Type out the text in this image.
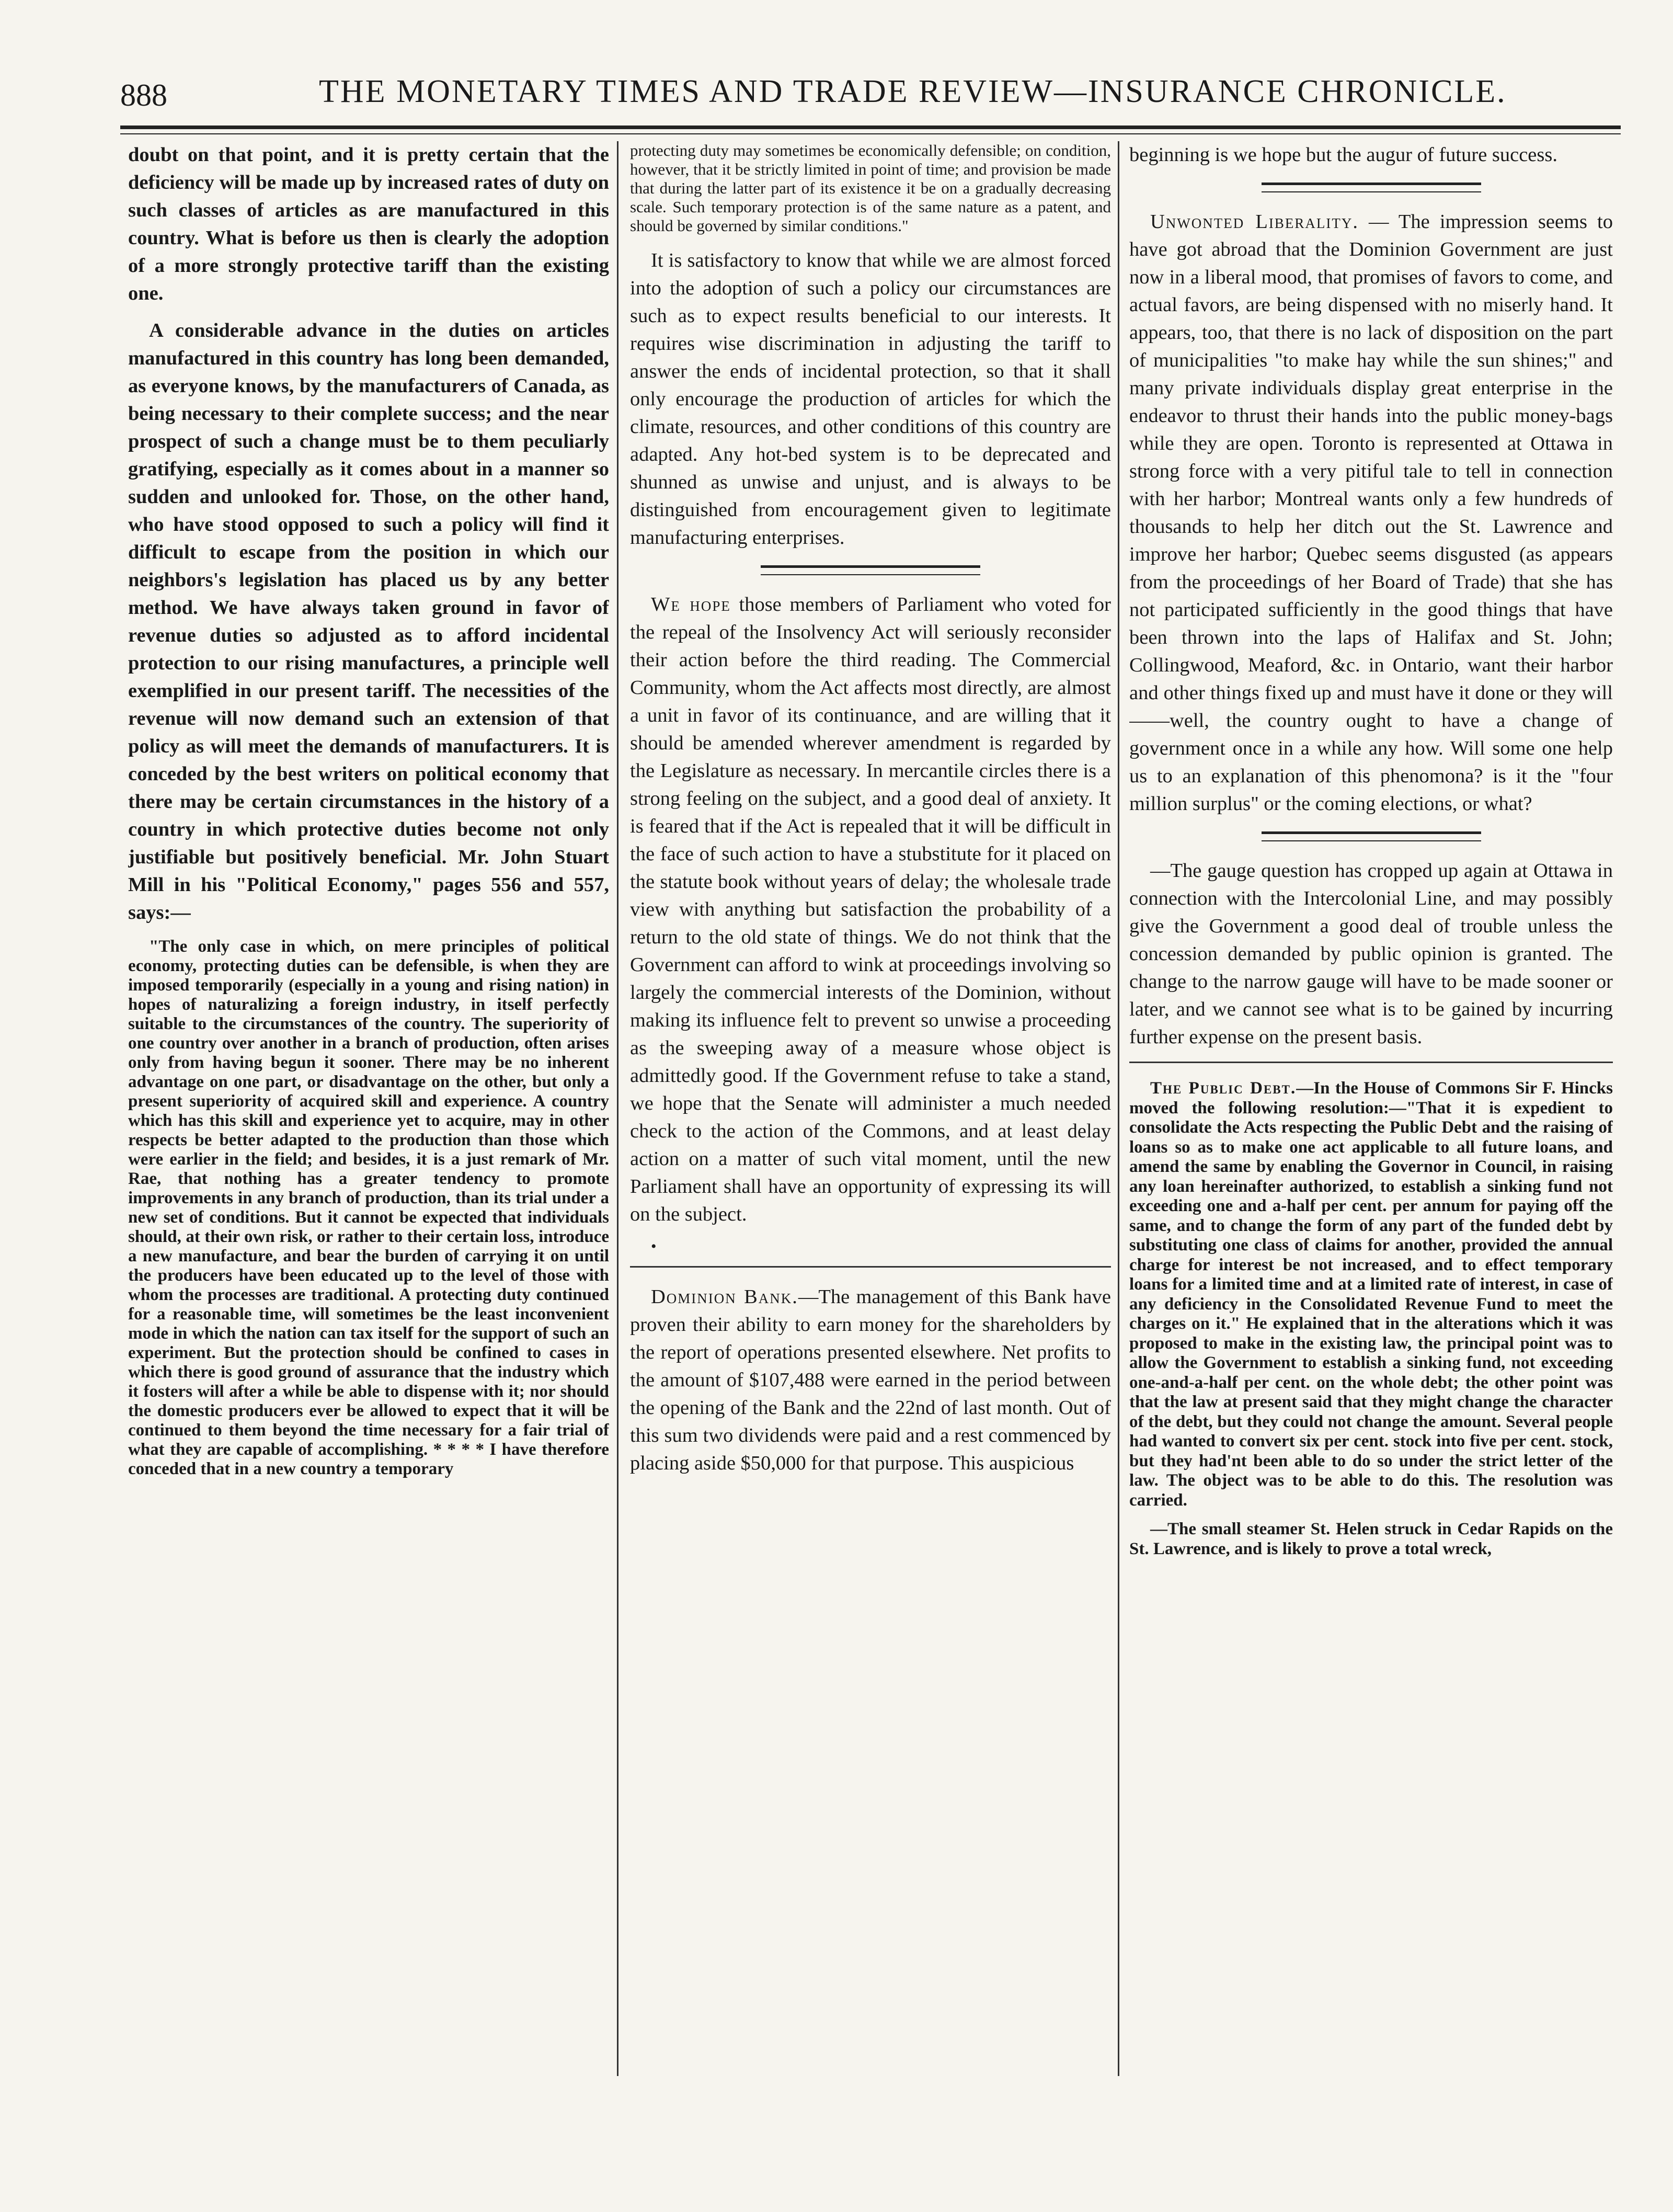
888	THE MONETARY TIMES AND TRADE REVIEW—INSURANCE CHRONICLE.

doubt on that point, and it is pretty certain that the deficiency will be made up by increased rates of duty on such classes of articles as are manufactured in this country. What is before us then is clearly the adoption of a more strongly protective tariff than the existing one.

A considerable advance in the duties on articles manufactured in this country has long been demanded, as everyone knows, by the manufacturers of Canada, as being necessary to their complete success; and the near prospect of such a change must be to them peculiarly gratifying, especially as it comes about in a manner so sudden and unlooked for. Those, on the other hand, who have stood opposed to such a policy will find it difficult to escape from the position in which our neighbors's legislation has placed us by any better method. We have always taken ground in favor of revenue duties so adjusted as to afford incidental protection to our rising manufactures, a principle well exemplified in our present tariff. The necessities of the revenue will now demand such an extension of that policy as will meet the demands of manufacturers. It is conceded by the best writers on political economy that there may be certain circumstances in the history of a country in which protective duties become not only justifiable but positively beneficial. Mr. John Stuart Mill in his "Political Economy," pages 556 and 557, says:—

"The only case in which, on mere principles of political economy, protecting duties can be defensible, is when they are imposed temporarily (especially in a young and rising nation) in hopes of naturalizing a foreign industry, in itself perfectly suitable to the circumstances of the country. The superiority of one country over another in a branch of production, often arises only from having begun it sooner. There may be no inherent advantage on one part, or disadvantage on the other, but only a present superiority of acquired skill and experience. A country which has this skill and experience yet to acquire, may in other respects be better adapted to the production than those which were earlier in the field; and besides, it is a just remark of Mr. Rae, that nothing has a greater tendency to promote improvements in any branch of production, than its trial under a new set of conditions. But it cannot be expected that individuals should, at their own risk, or rather to their certain loss, introduce a new manufacture, and bear the burden of carrying it on until the producers have been educated up to the level of those with whom the processes are traditional. A protecting duty continued for a reasonable time, will sometimes be the least inconvenient mode in which the nation can tax itself for the support of such an experiment. But the protection should be confined to cases in which there is good ground of assurance that the industry which it fosters will after a while be able to dispense with it; nor should the domestic producers ever be allowed to expect that it will be continued to them beyond the time necessary for a fair trial of what they are capable of accomplishing. * * * * I have therefore conceded that in a new country a temporary

protecting duty may sometimes be economically defensible; on condition, however, that it be strictly limited in point of time; and provision be made that during the latter part of its existence it be on a gradually decreasing scale. Such temporary protection is of the same nature as a patent, and should be governed by similar conditions."

It is satisfactory to know that while we are almost forced into the adoption of such a policy our circumstances are such as to expect results beneficial to our interests. It requires wise discrimination in adjusting the tariff to answer the ends of incidental protection, so that it shall only encourage the production of articles for which the climate, resources, and other conditions of this country are adapted. Any hot-bed system is to be deprecated and shunned as unwise and unjust, and is always to be distinguished from encouragement given to legitimate manufacturing enterprises.

We hope those members of Parliament who voted for the repeal of the Insolvency Act will seriously reconsider their action before the third reading. The Commercial Community, whom the Act affects most directly, are almost a unit in favor of its continuance, and are willing that it should be amended wherever amendment is regarded by the Legislature as necessary. In mercantile circles there is a strong feeling on the subject, and a good deal of anxiety. It is feared that if the Act is repealed that it will be difficult in the face of such action to have a stubstitute for it placed on the statute book without years of delay; the wholesale trade view with anything but satisfaction the probability of a return to the old state of things. We do not think that the Government can afford to wink at proceedings involving so largely the commercial interests of the Dominion, without making its influence felt to prevent so unwise a proceeding as the sweeping away of a measure whose object is admittedly good. If the Government refuse to take a stand, we hope that the Senate will administer a much needed check to the action of the Commons, and at least delay action on a matter of such vital moment, until the new Parliament shall have an opportunity of expressing its will on the subject.

•

Dominion Bank.—The management of this Bank have proven their ability to earn money for the shareholders by the report of operations presented elsewhere. Net profits to the amount of $107,488 were earned in the period between the opening of the Bank and the 22nd of last month. Out of this sum two dividends were paid and a rest commenced by placing aside $50,000 for that purpose. This auspicious

beginning is we hope but the augur of future success.

Unwonted Liberality. — The impression seems to have got abroad that the Dominion Government are just now in a liberal mood, that promises of favors to come, and actual favors, are being dispensed with no miserly hand. It appears, too, that there is no lack of disposition on the part of municipalities "to make hay while the sun shines;" and many private individuals display great enterprise in the endeavor to thrust their hands into the public money-bags while they are open. Toronto is represented at Ottawa in strong force with a very pitiful tale to tell in connection with her harbor; Montreal wants only a few hundreds of thousands to help her ditch out the St. Lawrence and improve her harbor; Quebec seems disgusted (as appears from the proceedings of her Board of Trade) that she has not participated sufficiently in the good things that have been thrown into the laps of Halifax and St. John; Collingwood, Meaford, &c. in Ontario, want their harbor and other things fixed up and must have it done or they will——well, the country ought to have a change of government once in a while any how. Will some one help us to an explanation of this phenomona? is it the "four million surplus" or the coming elections, or what?

—The gauge question has cropped up again at Ottawa in connection with the Intercolonial Line, and may possibly give the Government a good deal of trouble unless the concession demanded by public opinion is granted. The change to the narrow gauge will have to be made sooner or later, and we cannot see what is to be gained by incurring further expense on the present basis.

The Public Debt.—In the House of Commons Sir F. Hincks moved the following resolution:—"That it is expedient to consolidate the Acts respecting the Public Debt and the raising of loans so as to make one act applicable to all future loans, and amend the same by enabling the Governor in Council, in raising any loan hereinafter authorized, to establish a sinking fund not exceeding one and a-half per cent. per annum for paying off the same, and to change the form of any part of the funded debt by substituting one class of claims for another, provided the annual charge for interest be not increased, and to effect temporary loans for a limited time and at a limited rate of interest, in case of any deficiency in the Consolidated Revenue Fund to meet the charges on it." He explained that in the alterations which it was proposed to make in the existing law, the principal point was to allow the Government to establish a sinking fund, not exceeding one-and-a-half per cent. on the whole debt; the other point was that the law at present said that they might change the character of the debt, but they could not change the amount. Several people had wanted to convert six per cent. stock into five per cent. stock, but they had'nt been able to do so under the strict letter of the law. The object was to be able to do this. The resolution was carried.

—The small steamer St. Helen struck in Cedar Rapids on the St. Lawrence, and is likely to prove a total wreck,
